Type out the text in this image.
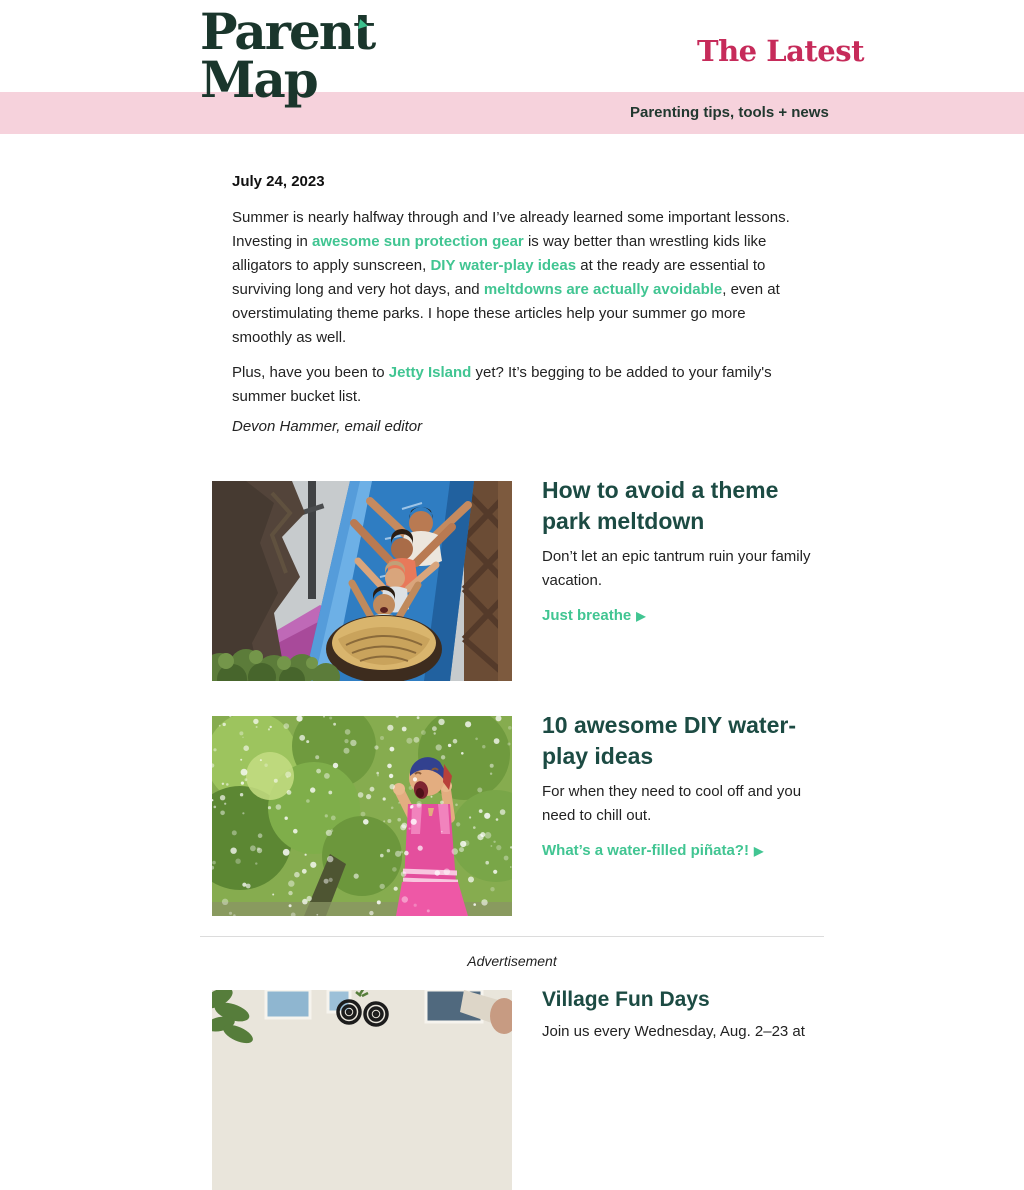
Parenting tips, tools + news
Parent
Map	The Latest

July 24, 2023

Summer is nearly halfway through and I’ve already learned some important lessons. Investing in awesome sun protection gear is way better than wrestling kids like alligators to apply sunscreen, DIY water-play ideas at the ready are essential to surviving long and very hot days, and meltdowns are actually avoidable, even at overstimulating theme parks. I hope these articles help your summer go more smoothly as well.

Plus, have you been to Jetty Island yet? It’s begging to be added to your family's summer bucket list.

Devon Hammer, email editor

How to avoid a theme park meltdown
Don’t let an epic tantrum ruin your family vacation.
Just breathe ▶
10 awesome DIY water-play ideas
For when they need to cool off and you need to chill out.
What’s a water-filled piñata?! ▶
Advertisement
Village Fun Days
Join us every Wednesday, Aug. 2–23 at
